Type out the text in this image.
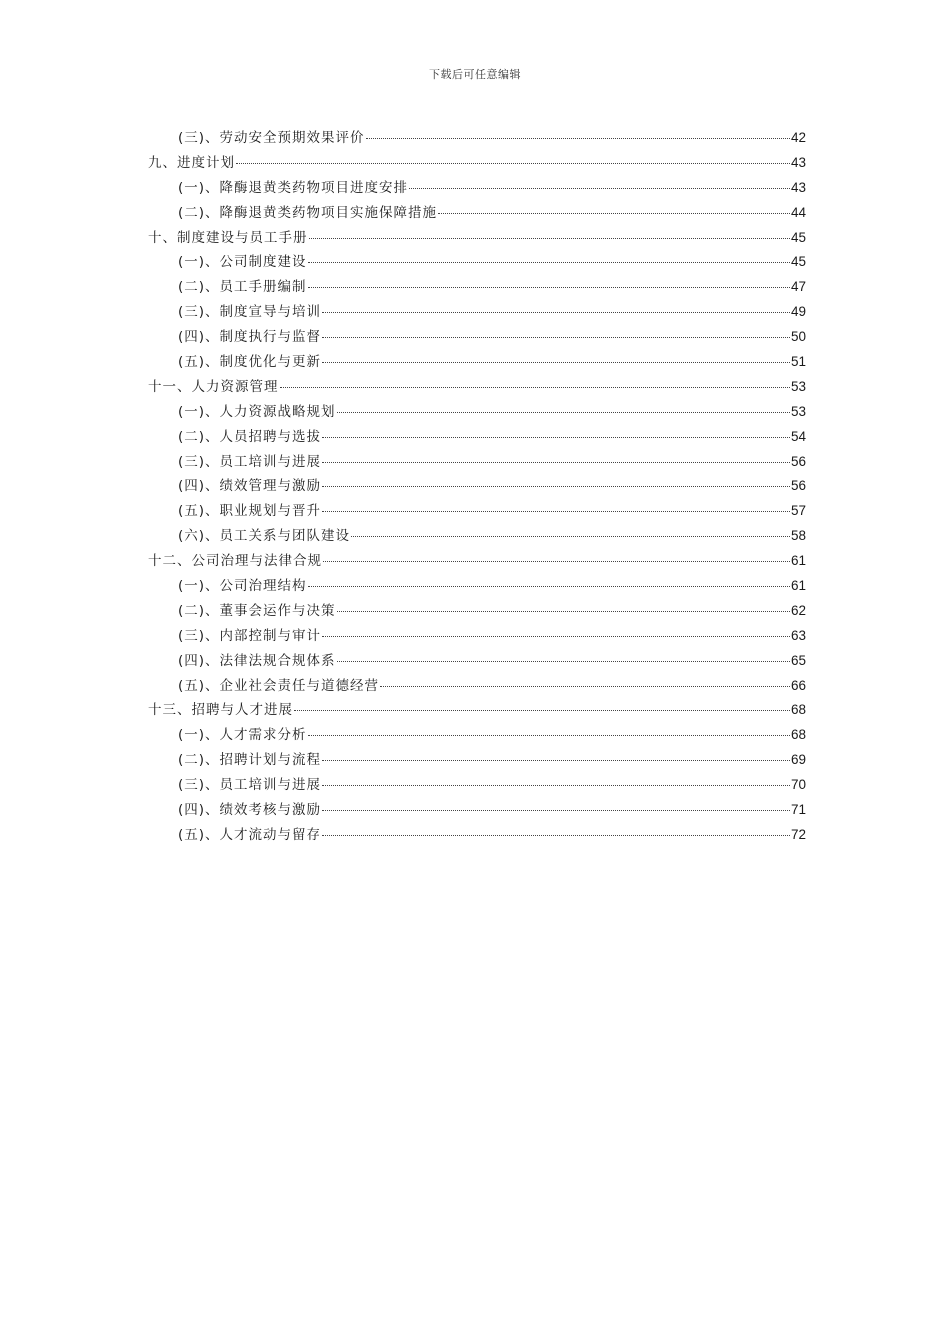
下载后可任意编辑
(三)、劳动安全预期效果评价	42
九、进度计划	43
(一)、降酶退黄类药物项目进度安排	43
(二)、降酶退黄类药物项目实施保障措施	44
十、制度建设与员工手册	45
(一)、公司制度建设	45
(二)、员工手册编制	47
(三)、制度宣导与培训	49
(四)、制度执行与监督	50
(五)、制度优化与更新	51
十一、人力资源管理	53
(一)、人力资源战略规划	53
(二)、人员招聘与选拔	54
(三)、员工培训与进展	56
(四)、绩效管理与激励	56
(五)、职业规划与晋升	57
(六)、员工关系与团队建设	58
十二、公司治理与法律合规	61
(一)、公司治理结构	61
(二)、董事会运作与决策	62
(三)、内部控制与审计	63
(四)、法律法规合规体系	65
(五)、企业社会责任与道德经营	66
十三、招聘与人才进展	68
(一)、人才需求分析	68
(二)、招聘计划与流程	69
(三)、员工培训与进展	70
(四)、绩效考核与激励	71
(五)、人才流动与留存	72
